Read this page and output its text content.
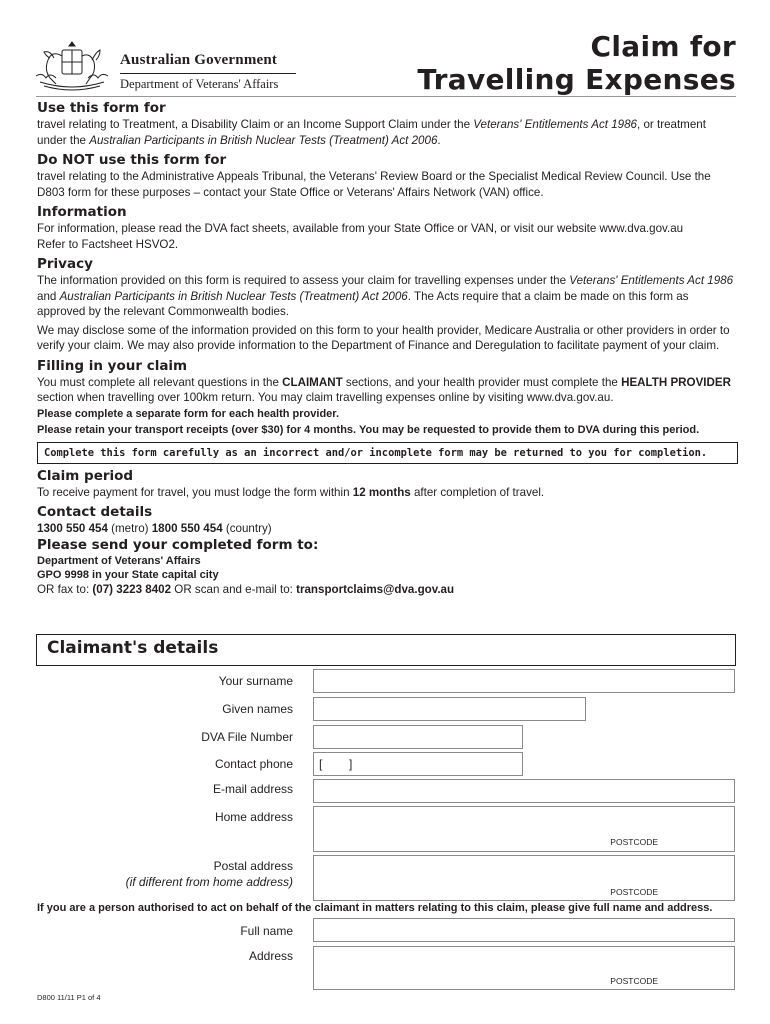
Australian Government
Department of Veterans' Affairs
Claim for
Travelling Expenses
Use this form for

travel relating to Treatment, a Disability Claim or an Income Support Claim under the Veterans' Entitlements Act 1986, or treatment under the Australian Participants in British Nuclear Tests (Treatment) Act 2006.

Do NOT use this form for

travel relating to the Administrative Appeals Tribunal, the Veterans' Review Board or the Specialist Medical Review Council. Use the D803 form for these purposes – contact your State Office or Veterans' Affairs Network (VAN) office.

Information

For information, please read the DVA fact sheets, available from your State Office or VAN, or visit our website www.dva.gov.au

Refer to Factsheet HSVO2.

Privacy

The information provided on this form is required to assess your claim for travelling expenses under the Veterans' Entitlements Act 1986 and Australian Participants in British Nuclear Tests (Treatment) Act 2006. The Acts require that a claim be made on this form as approved by the relevant Commonwealth bodies.

We may disclose some of the information provided on this form to your health provider, Medicare Australia or other providers in order to verify your claim. We may also provide information to the Department of Finance and Deregulation to facilitate payment of your claim.

Filling in your claim

You must complete all relevant questions in the CLAIMANT sections, and your health provider must complete the HEALTH PROVIDER section when travelling over 100km return. You may claim travelling expenses online by visiting www.dva.gov.au.

Please complete a separate form for each health provider.
Please retain your transport receipts (over $30) for 4 months. You may be requested to provide them to DVA during this period.
Complete this form carefully as an incorrect and/or incomplete form may be returned to you for completion.
Claim period

To receive payment for travel, you must lodge the form within 12 months after completion of travel.

Contact details

1300 550 454 (metro) 1800 550 454 (country)

Please send your completed form to:

Department of Veterans' Affairs

GPO 9998 in your State capital city

OR fax to: (07) 3223 8402 OR scan and e-mail to: transportclaims@dva.gov.au

Claimant's details
Your surname
Given names
DVA File Number
Contact phone [        ]
E-mail address
Home address
POSTCODE
Postal address
(if different from home address)
POSTCODE
If you are a person authorised to act on behalf of the claimant in matters relating to this claim, please give full name and address.
Full name
Address
POSTCODE
D800 11/11 P1 of 4
